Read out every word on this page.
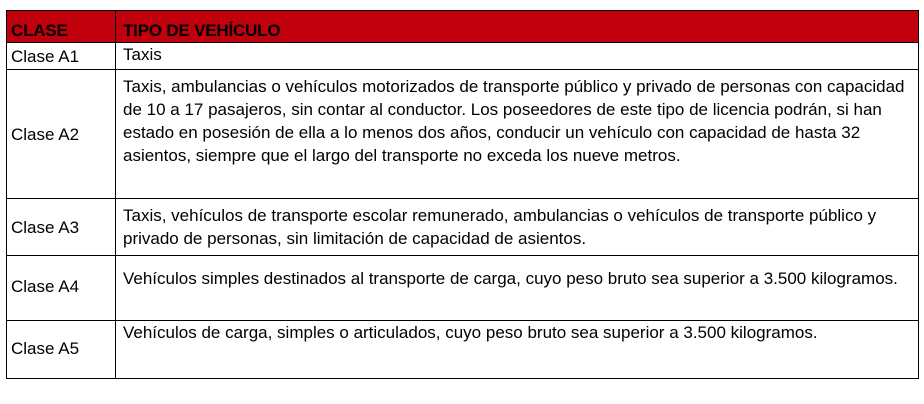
CLASE	TIPO DE VEHÍCULO
Clase A1	Taxis
Clase A2	Taxis, ambulancias o vehículos motorizados de transporte público y privado de personas con capacidad de 10 a 17 pasajeros, sin contar al conductor. Los poseedores de este tipo de licencia podrán, si han estado en posesión de ella a lo menos dos años, conducir un vehículo con capacidad de hasta 32 asientos, siempre que el largo del transporte no exceda los nueve metros.
Clase A3	Taxis, vehículos de transporte escolar remunerado, ambulancias o vehículos de transporte público y privado de personas, sin limitación de capacidad de asientos.
Clase A4	Vehículos simples destinados al transporte de carga, cuyo peso bruto sea superior a 3.500 kilogramos.
Clase A5	Vehículos de carga, simples o articulados, cuyo peso bruto sea superior a 3.500 kilogramos.
